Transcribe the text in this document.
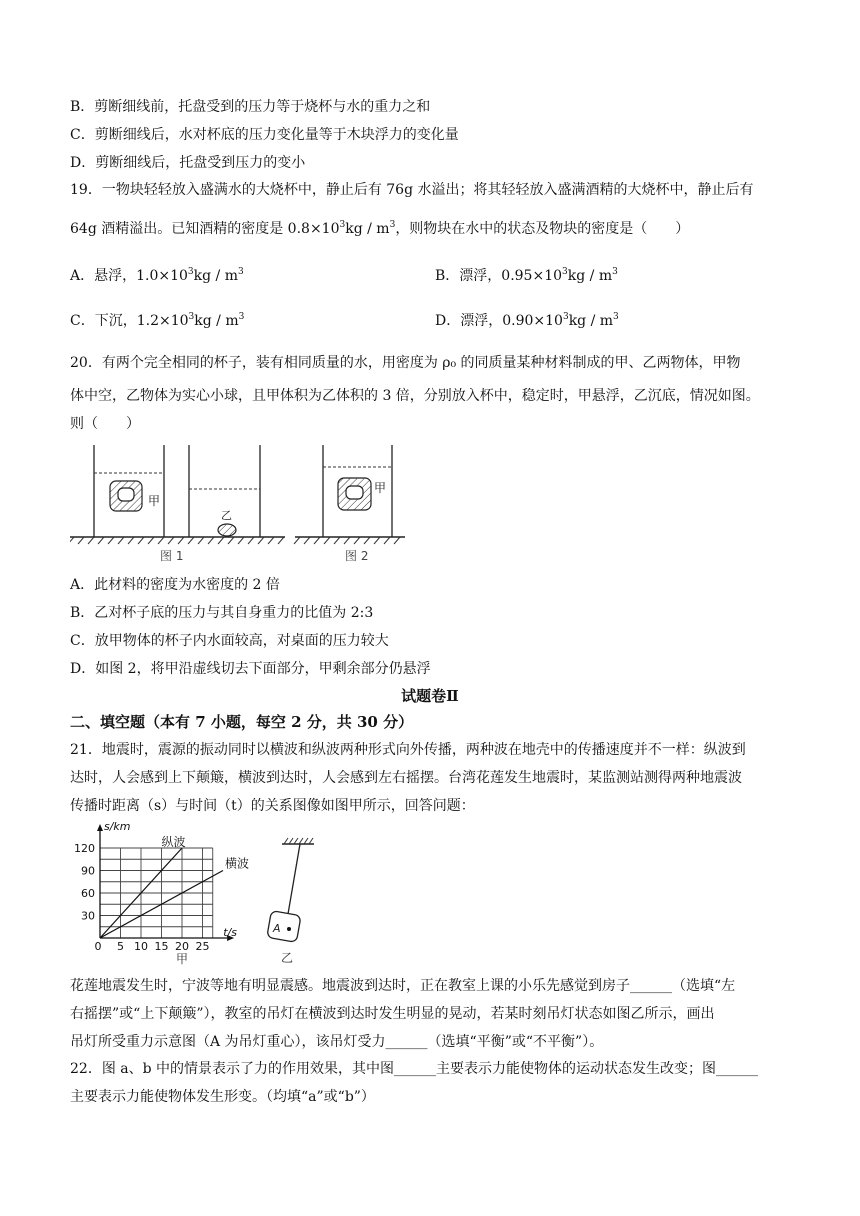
B．剪断细线前，托盘受到的压力等于烧杯与水的重力之和
C．剪断细线后，水对杯底的压力变化量等于木块浮力的变化量
D．剪断细线后，托盘受到压力的变小
19．一物块轻轻放入盛满水的大烧杯中，静止后有 76g 水溢出；将其轻轻放入盛满酒精的大烧杯中，静止后有
64g 酒精溢出。已知酒精的密度是 $0.8\times 10^3kg / m^3$，则物块在水中的状态及物块的密度是（　　）
A．悬浮，$1.0\times 10^3kg / m^3$	B．漂浮，$0.95\times 10^3kg / m^3$
C．下沉，$1.2\times 10^3kg / m^3$	D．漂浮，$0.90\times 10^3kg / m^3$
20．有两个完全相同的杯子，装有相同质量的水，用密度为 ρ₀ 的同质量某种材料制成的甲、乙两物体，甲物
体中空，乙物体为实心小球，且甲体积为乙体积的 3 倍，分别放入杯中，稳定时，甲悬浮，乙沉底，情况如图。
则（　　）
甲
乙
图 1
甲
图 2
A．此材料的密度为水密度的 2 倍
B．乙对杯子底的压力与其自身重力的比值为 2:3
C．放甲物体的杯子内水面较高，对桌面的压力较大
D．如图 2，将甲沿虚线切去下面部分，甲剩余部分仍悬浮
试题卷Ⅱ
二、填空题（本有 7 小题，每空 2 分，共 30 分）
21．地震时，震源的振动同时以横波和纵波两种形式向外传播，两种波在地壳中的传播速度并不一样：纵波到
达时，人会感到上下颠簸，横波到达时，人会感到左右摇摆。台湾花莲发生地震时，某监测站测得两种地震波
传播时距离（s）与时间（t）的关系图像如图甲所示，回答问题：
纵波
横波
30
60
90
120
0 5 10 15 20 25
s/km
t/s
甲
A
乙
花莲地震发生时，宁波等地有明显震感。地震波到达时，正在教室上课的小乐先感觉到房子______（选填“左
右摇摆”或“上下颠簸”），教室的吊灯在横波到达时发生明显的晃动，若某时刻吊灯状态如图乙所示，画出
吊灯所受重力示意图（A 为吊灯重心），该吊灯受力______（选填“平衡”或“不平衡”）。
22．图 a、b 中的情景表示了力的作用效果，其中图______主要表示力能使物体的运动状态发生改变；图______
主要表示力能使物体发生形变。（均填“a”或“b”）
